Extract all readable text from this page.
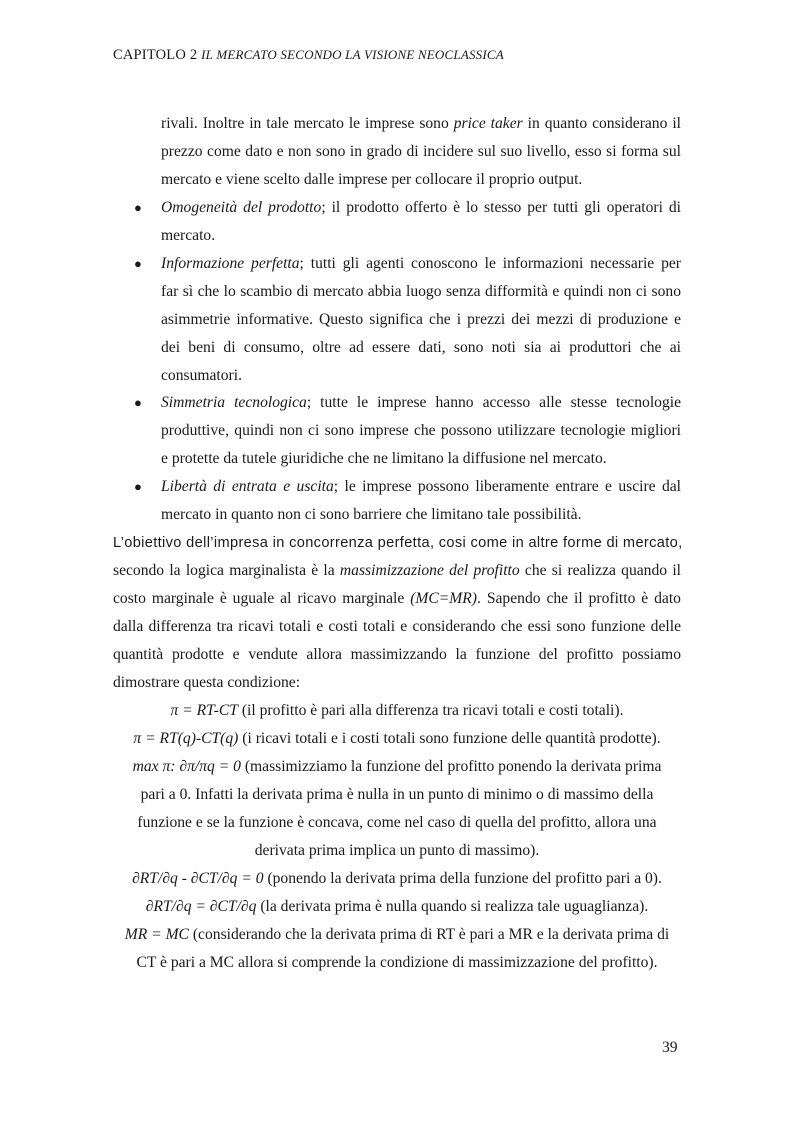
CAPITOLO 2 IL MERCATO SECONDO LA VISIONE NEOCLASSICA
rivali. Inoltre in tale mercato le imprese sono price taker in quanto considerano il
prezzo come dato e non sono in grado di incidere sul suo livello, esso si forma sul
mercato e viene scelto dalle imprese per collocare il proprio output.
●	Omogeneità del prodotto; il prodotto offerto è lo stesso per tutti gli operatori di
mercato.
●	Informazione perfetta; tutti gli agenti conoscono le informazioni necessarie per
far sì che lo scambio di mercato abbia luogo senza difformità e quindi non ci sono
asimmetrie informative. Questo significa che i prezzi dei mezzi di produzione e
dei beni di consumo, oltre ad essere dati, sono noti sia ai produttori che ai
consumatori.
●	Simmetria tecnologica; tutte le imprese hanno accesso alle stesse tecnologie
produttive, quindi non ci sono imprese che possono utilizzare tecnologie migliori
e protette da tutele giuridiche che ne limitano la diffusione nel mercato.
●	Libertà di entrata e uscita; le imprese possono liberamente entrare e uscire dal
mercato in quanto non ci sono barriere che limitano tale possibilità.
L’obiettivo dell’impresa in concorrenza perfetta, cosi come in altre forme di mercato,
secondo la logica marginalista è la massimizzazione del profitto che si realizza quando il
costo marginale è uguale al ricavo marginale (MC=MR). Sapendo che il profitto è dato
dalla differenza tra ricavi totali e costi totali e considerando che essi sono funzione delle
quantità prodotte e vendute allora massimizzando la funzione del profitto possiamo
dimostrare questa condizione:
π = RT-CT (il profitto è pari alla differenza tra ricavi totali e costi totali).
π = RT(q)-CT(q) (i ricavi totali e i costi totali sono funzione delle quantità prodotte).
max π: ∂π/πq = 0 (massimizziamo la funzione del profitto ponendo la derivata prima
pari a 0. Infatti la derivata prima è nulla in un punto di minimo o di massimo della
funzione e se la funzione è concava, come nel caso di quella del profitto, allora una
derivata prima implica un punto di massimo).
∂RT/∂q - ∂CT/∂q = 0 (ponendo la derivata prima della funzione del profitto pari a 0).
∂RT/∂q = ∂CT/∂q (la derivata prima è nulla quando si realizza tale uguaglianza).
MR = MC (considerando che la derivata prima di RT è pari a MR e la derivata prima di
CT è pari a MC allora si comprende la condizione di massimizzazione del profitto).
39
